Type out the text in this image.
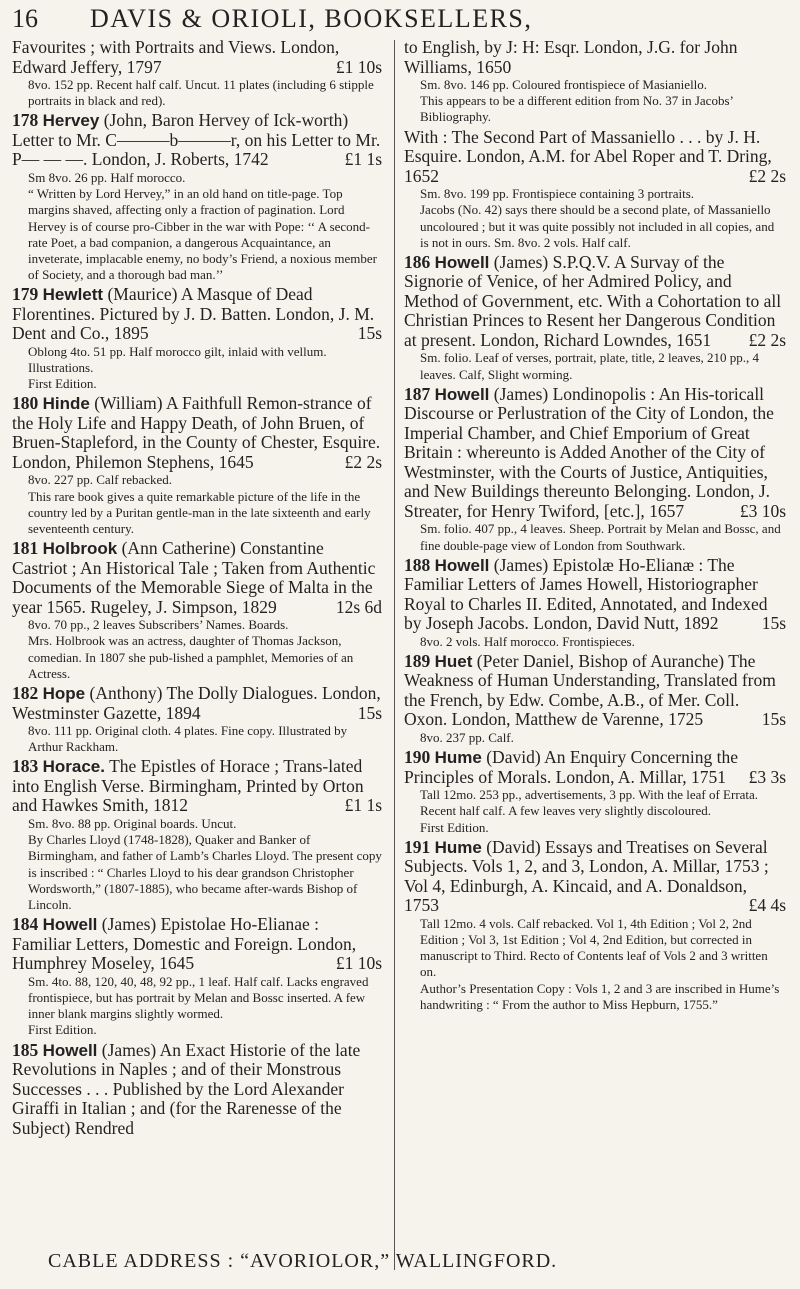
16 DAVIS & ORIOLI, BOOKSELLERS,
Favourites ; with Portraits and Views. London, Edward Jeffery, 1797	£1 10s

8vo. 152 pp. Recent half calf. Uncut. 11 plates (including 6 stipple portraits in black and red).

178 Hervey (John, Baron Hervey of Ick-worth) Letter to Mr. C———b———r, on his Letter to Mr. P— — —. London, J. Roberts, 1742	£1 1s

Sm 8vo. 26 pp. Half morocco.

“ Written by Lord Hervey,” in an old hand on title-page. Top margins shaved, affecting only a fraction of pagination. Lord Hervey is of course pro-Cibber in the war with Pope: ‘‘ A second-rate Poet, a bad companion, a dangerous Acquaintance, an inveterate, implacable enemy, no body’s Friend, a noxious member of Society, and a thorough bad man.’’

179 Hewlett (Maurice) A Masque of Dead Florentines. Pictured by J. D. Batten. London, J. M. Dent and Co., 1895	15s

Oblong 4to. 51 pp. Half morocco gilt, inlaid with vellum. Illustrations.

First Edition.

180 Hinde (William) A Faithfull Remon-strance of the Holy Life and Happy Death, of John Bruen, of Bruen-Stapleford, in the County of Chester, Esquire. London, Philemon Stephens, 1645	£2 2s

8vo. 227 pp. Calf rebacked.

This rare book gives a quite remarkable picture of the life in the country led by a Puritan gentle-man in the late sixteenth and early seventeenth century.

181 Holbrook (Ann Catherine) Constantine Castriot ; An Historical Tale ; Taken from Authentic Documents of the Memorable Siege of Malta in the year 1565. Rugeley, J. Simpson, 1829	12s 6d

8vo. 70 pp., 2 leaves Subscribers’ Names. Boards.

Mrs. Holbrook was an actress, daughter of Thomas Jackson, comedian. In 1807 she pub-lished a pamphlet, Memories of an Actress.

182 Hope (Anthony) The Dolly Dialogues. London, Westminster Gazette, 1894	15s

8vo. 111 pp. Original cloth. 4 plates. Fine copy. Illustrated by Arthur Rackham.

183 Horace. The Epistles of Horace ; Trans-lated into English Verse. Birmingham, Printed by Orton and Hawkes Smith, 1812	£1 1s

Sm. 8vo. 88 pp. Original boards. Uncut.

By Charles Lloyd (1748-1828), Quaker and Banker of Birmingham, and father of Lamb’s Charles Lloyd. The present copy is inscribed : “ Charles Lloyd to his dear grandson Christopher Wordsworth,” (1807-1885), who became after-wards Bishop of Lincoln.

184 Howell (James) Epistolae Ho-Elianae : Familiar Letters, Domestic and Foreign. London, Humphrey Moseley, 1645	£1 10s

Sm. 4to. 88, 120, 40, 48, 92 pp., 1 leaf. Half calf. Lacks engraved frontispiece, but has portrait by Melan and Bossc inserted. A few inner blank margins slightly wormed.

First Edition.

185 Howell (James) An Exact Historie of the late Revolutions in Naples ; and of their Monstrous Successes . . . Published by the Lord Alexander Giraffi in Italian ; and (for the Rarenesse of the Subject) Rendred
to English, by J: H: Esqr. London, J.G. for John Williams, 1650

Sm. 8vo. 146 pp. Coloured frontispiece of Masianiello.

This appears to be a different edition from No. 37 in Jacobs’ Bibliography.

With : The Second Part of Massaniello . . . by J. H. Esquire. London, A.M. for Abel Roper and T. Dring, 1652	£2 2s

Sm. 8vo. 199 pp. Frontispiece containing 3 portraits.

Jacobs (No. 42) says there should be a second plate, of Massaniello uncoloured ; but it was quite possibly not included in all copies, and is not in ours. Sm. 8vo. 2 vols. Half calf.

186 Howell (James) S.P.Q.V. A Survay of the Signorie of Venice, of her Admired Policy, and Method of Government, etc. With a Cohortation to all Christian Princes to Resent her Dangerous Condition at present. London, Richard Lowndes, 1651 £2 2s

Sm. folio. Leaf of verses, portrait, plate, title, 2 leaves, 210 pp., 4 leaves. Calf, Slight worming.

187 Howell (James) Londinopolis : An His-toricall Discourse or Perlustration of the City of London, the Imperial Chamber, and Chief Emporium of Great Britain : whereunto is Added Another of the City of Westminster, with the Courts of Justice, Antiquities, and New Buildings thereunto Belonging. London, J. Streater, for Henry Twiford, [etc.], 1657	£3 10s

Sm. folio. 407 pp., 4 leaves. Sheep. Portrait by Melan and Bossc, and fine double-page view of London from Southwark.

188 Howell (James) Epistolæ Ho-Elianæ : The Familiar Letters of James Howell, Historiographer Royal to Charles II. Edited, Annotated, and Indexed by Joseph Jacobs. London, David Nutt, 1892 15s

8vo. 2 vols. Half morocco. Frontispieces.

189 Huet (Peter Daniel, Bishop of Auranche) The Weakness of Human Understanding, Translated from the French, by Edw. Combe, A.B., of Mer. Coll. Oxon. London, Matthew de Varenne, 1725	15s

8vo. 237 pp. Calf.

190 Hume (David) An Enquiry Concerning the Principles of Morals. London, A. Millar, 1751 £3 3s

Tall 12mo. 253 pp., advertisements, 3 pp. With the leaf of Errata. Recent half calf. A few leaves very slightly discoloured.

First Edition.

191 Hume (David) Essays and Treatises on Several Subjects. Vols 1, 2, and 3, London, A. Millar, 1753 ; Vol 4, Edinburgh, A. Kincaid, and A. Donaldson, 1753	£4 4s

Tall 12mo. 4 vols. Calf rebacked. Vol 1, 4th Edition ; Vol 2, 2nd Edition ; Vol 3, 1st Edition ; Vol 4, 2nd Edition, but corrected in manuscript to Third. Recto of Contents leaf of Vols 2 and 3 written on.

Author’s Presentation Copy : Vols 1, 2 and 3 are inscribed in Hume’s handwriting : “ From the author to Miss Hepburn, 1755.”

CABLE ADDRESS : “AVORIOLOR,” WALLINGFORD.
